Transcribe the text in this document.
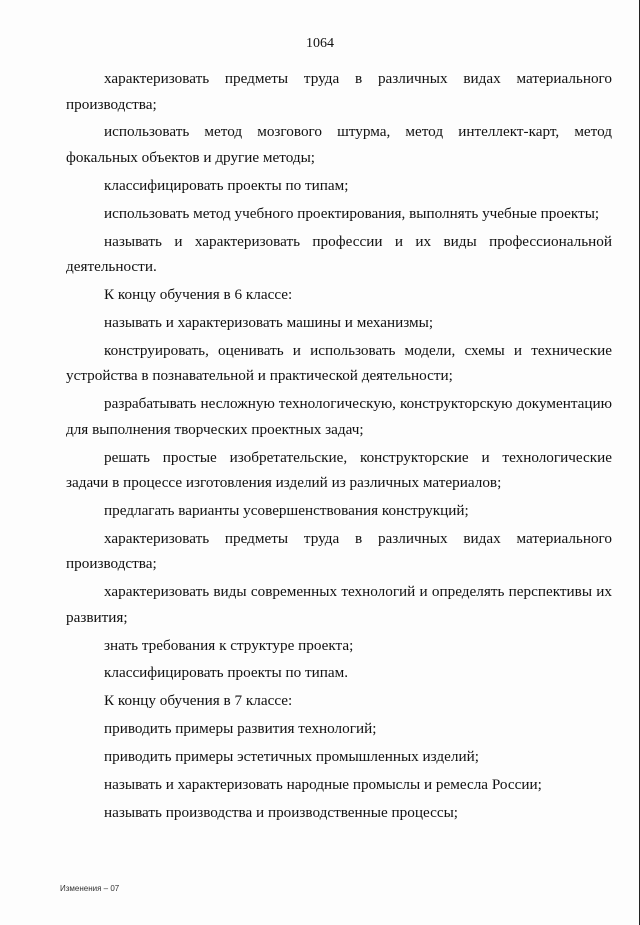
1064

характеризовать предметы труда в различных видах материального производства;

использовать метод мозгового штурма, метод интеллект-карт, метод фокальных объектов и другие методы;

классифицировать проекты по типам;

использовать метод учебного проектирования, выполнять учебные проекты;

называть и характеризовать профессии и их виды профессиональной деятельности.

К концу обучения в 6 классе:

называть и характеризовать машины и механизмы;

конструировать, оценивать и использовать модели, схемы и технические устройства в познавательной и практической деятельности;

разрабатывать несложную технологическую, конструкторскую документацию для выполнения творческих проектных задач;

решать простые изобретательские, конструкторские и технологические задачи в процессе изготовления изделий из различных материалов;

предлагать варианты усовершенствования конструкций;

характеризовать предметы труда в различных видах материального производства;

характеризовать виды современных технологий и определять перспективы их развития;

знать требования к структуре проекта;

классифицировать проекты по типам.

К концу обучения в 7 классе:

приводить примеры развития технологий;

приводить примеры эстетичных промышленных изделий;

называть и характеризовать народные промыслы и ремесла России;

называть производства и производственные процессы;

Изменения – 07
